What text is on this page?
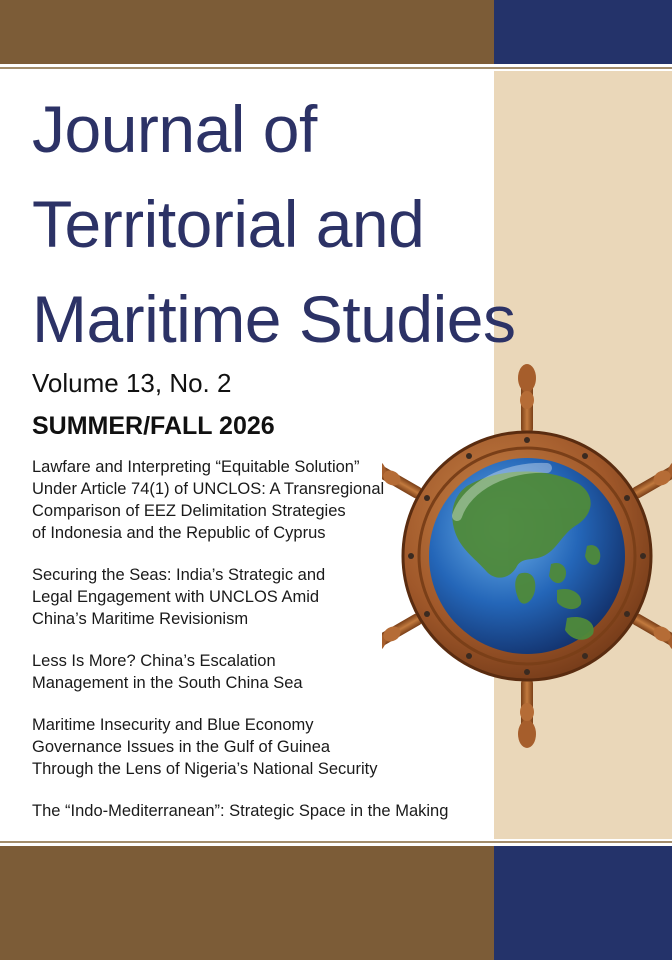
Journal of
Territorial and
Maritime Studies
Volume 13, No. 2
SUMMER/FALL 2026
Lawfare and Interpreting “Equitable Solution”
Under Article 74(1) of UNCLOS: A Transregional
Comparison of EEZ Delimitation Strategies
of Indonesia and the Republic of Cyprus
Securing the Seas: India’s Strategic and
Legal Engagement with UNCLOS Amid
China’s Maritime Revisionism
Less Is More? China’s Escalation
Management in the South China Sea
Maritime Insecurity and Blue Economy
Governance Issues in the Gulf of Guinea
Through the Lens of Nigeria’s National Security
The “Indo-Mediterranean”: Strategic Space in the Making
